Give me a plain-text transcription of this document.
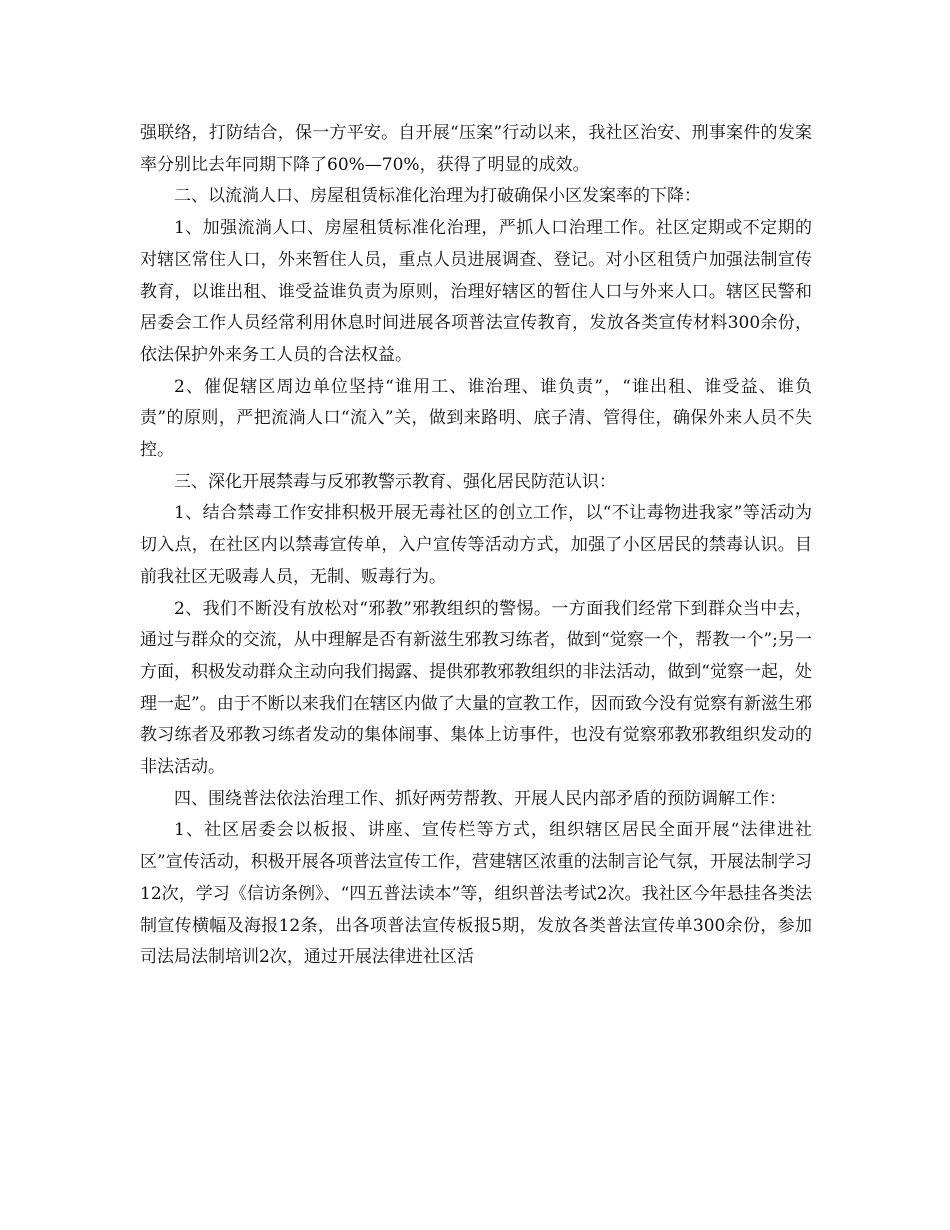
强联络，打防结合，保一方平安。自开展“压案”行动以来，我社区治安、刑事案件的发案率分别比去年同期下降了60%—70%，获得了明显的成效。

二、以流淌人口、房屋租赁标准化治理为打破确保小区发案率的下降：

1、加强流淌人口、房屋租赁标准化治理，严抓人口治理工作。社区定期或不定期的对辖区常住人口，外来暂住人员，重点人员进展调查、登记。对小区租赁户加强法制宣传教育，以谁出租、谁受益谁负责为原则，治理好辖区的暂住人口与外来人口。辖区民警和居委会工作人员经常利用休息时间进展各项普法宣传教育，发放各类宣传材料300余份，依法保护外来务工人员的合法权益。

2、催促辖区周边单位坚持“谁用工、谁治理、谁负责”，“谁出租、谁受益、谁负责”的原则，严把流淌人口“流入”关，做到来路明、底子清、管得住，确保外来人员不失控。

三、深化开展禁毒与反邪教警示教育、强化居民防范认识：

1、结合禁毒工作安排积极开展无毒社区的创立工作，以“不让毒物进我家”等活动为切入点，在社区内以禁毒宣传单，入户宣传等活动方式，加强了小区居民的禁毒认识。目前我社区无吸毒人员，无制、贩毒行为。

2、我们不断没有放松对“邪教”邪教组织的警惕。一方面我们经常下到群众当中去，通过与群众的交流，从中理解是否有新滋生邪教习练者，做到“觉察一个，帮教一个”;另一方面，积极发动群众主动向我们揭露、提供邪教邪教组织的非法活动，做到“觉察一起，处理一起”。由于不断以来我们在辖区内做了大量的宣教工作，因而致今没有觉察有新滋生邪教习练者及邪教习练者发动的集体闹事、集体上访事件，也没有觉察邪教邪教组织发动的非法活动。

四、围绕普法依法治理工作、抓好两劳帮教、开展人民内部矛盾的预防调解工作：

1、社区居委会以板报、讲座、宣传栏等方式，组织辖区居民全面开展“法律进社区”宣传活动，积极开展各项普法宣传工作，营建辖区浓重的法制言论气氛，开展法制学习12次，学习《信访条例》、“四五普法读本”等，组织普法考试2次。我社区今年悬挂各类法制宣传横幅及海报12条，出各项普法宣传板报5期，发放各类普法宣传单300余份，参加司法局法制培训2次，通过开展法律进社区活
